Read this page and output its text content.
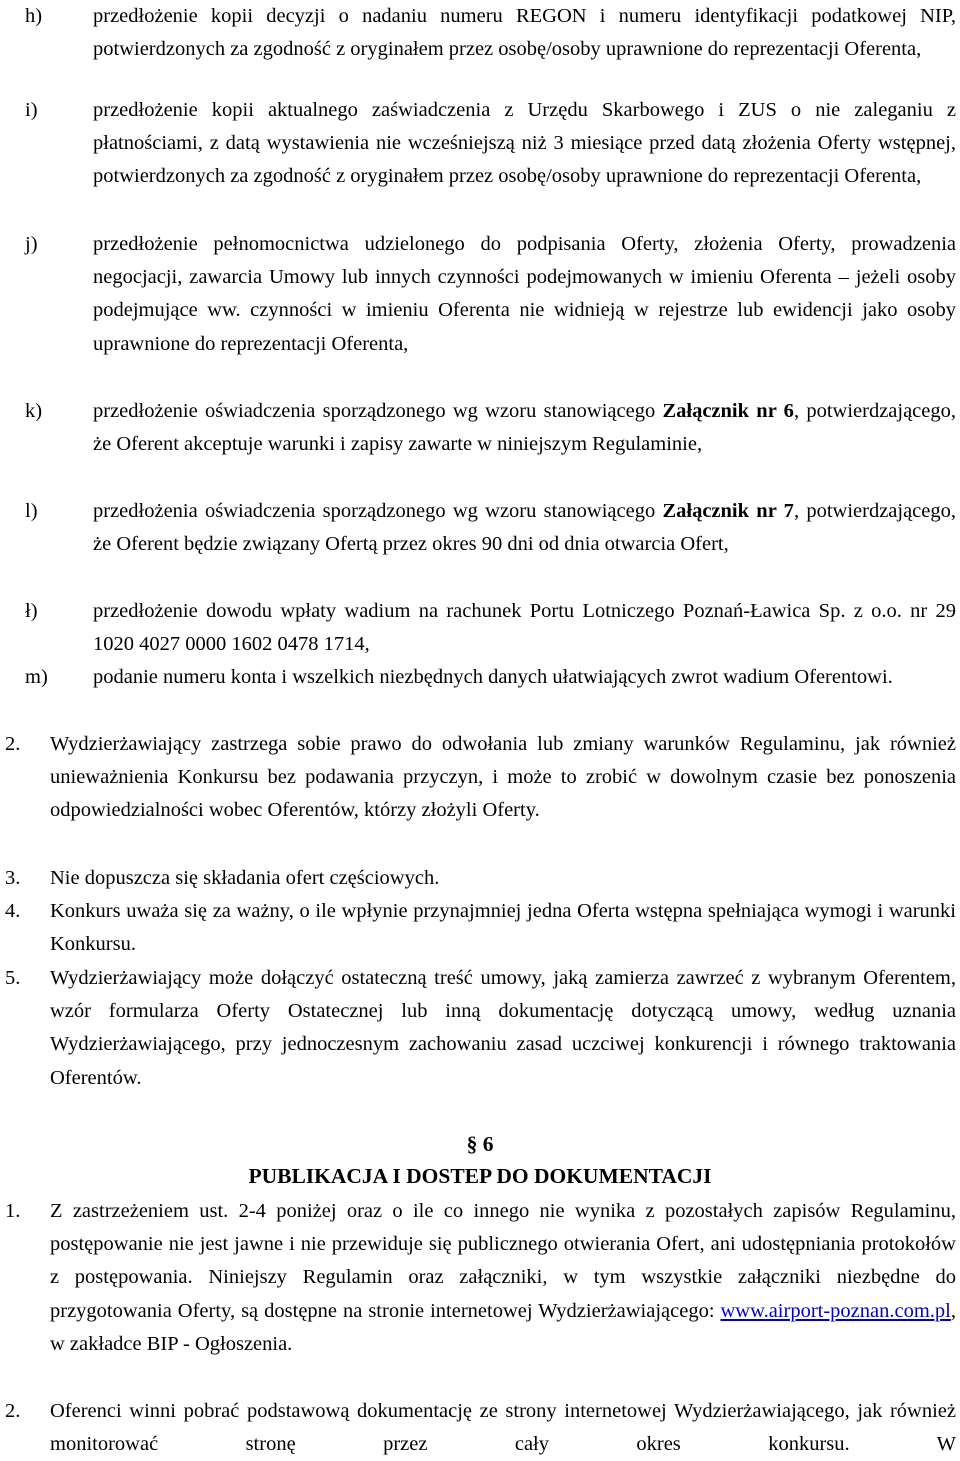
h) przedłożenie kopii decyzji o nadaniu numeru REGON i numeru identyfikacji podatkowej NIP, potwierdzonych za zgodność z oryginałem przez osobę/osoby uprawnione do reprezentacji Oferenta,
i)	przedłożenie kopii aktualnego zaświadczenia z Urzędu Skarbowego i ZUS o nie zaleganiu z płatnościami, z datą wystawienia nie wcześniejszą niż 3 miesiące przed datą złożenia Oferty wstępnej, potwierdzonych za zgodność z oryginałem przez osobę/osoby uprawnione do reprezentacji Oferenta,
j)	przedłożenie pełnomocnictwa udzielonego do podpisania Oferty, złożenia Oferty, prowadzenia negocjacji, zawarcia Umowy lub innych czynności podejmowanych w imieniu Oferenta – jeżeli osoby podejmujące ww. czynności w imieniu Oferenta nie widnieją w rejestrze lub ewidencji jako osoby uprawnione do reprezentacji Oferenta,
k) przedłożenie oświadczenia sporządzonego wg wzoru stanowiącego Załącznik nr 6, potwierdzającego, że Oferent akceptuje warunki i zapisy zawarte w niniejszym Regulaminie,
l)	przedłożenia oświadczenia sporządzonego wg wzoru stanowiącego Załącznik nr 7, potwierdzającego, że Oferent będzie związany Ofertą przez okres 90 dni od dnia otwarcia Ofert,
ł)	przedłożenie dowodu wpłaty wadium na rachunek Portu Lotniczego Poznań-Ławica Sp. z o.o. nr 29 1020 4027 0000 1602 0478 1714,
m) podanie numeru konta i wszelkich niezbędnych danych ułatwiających zwrot wadium Oferentowi.
2. Wydzierżawiający zastrzega sobie prawo do odwołania lub zmiany warunków Regulaminu, jak również unieważnienia Konkursu bez podawania przyczyn, i może to zrobić w dowolnym czasie bez ponoszenia odpowiedzialności wobec Oferentów, którzy złożyli Oferty.
3. Nie dopuszcza się składania ofert częściowych.
4. Konkurs uważa się za ważny, o ile wpłynie przynajmniej jedna Oferta wstępna spełniająca wymogi i warunki Konkursu.
5. Wydzierżawiający może dołączyć ostateczną treść umowy, jaką zamierza zawrzeć z wybranym Oferentem, wzór formularza Oferty Ostatecznej lub inną dokumentację dotyczącą umowy, według uznania Wydzierżawiającego, przy jednoczesnym zachowaniu zasad uczciwej konkurencji i równego traktowania Oferentów.
§ 6
PUBLIKACJA I DOSTEP DO DOKUMENTACJI
1. Z zastrzeżeniem ust. 2-4 poniżej oraz o ile co innego nie wynika z pozostałych zapisów Regulaminu, postępowanie nie jest jawne i nie przewiduje się publicznego otwierania Ofert, ani udostępniania protokołów z postępowania. Niniejszy Regulamin oraz załączniki, w tym wszystkie załączniki niezbędne do przygotowania Oferty, są dostępne na stronie internetowej Wydzierżawiającego: www.airport-poznan.com.pl, w zakładce BIP - Ogłoszenia.
2. Oferenci winni pobrać podstawową dokumentację ze strony internetowej Wydzierżawiającego, jak również monitorować stronę przez cały okres konkursu. W
